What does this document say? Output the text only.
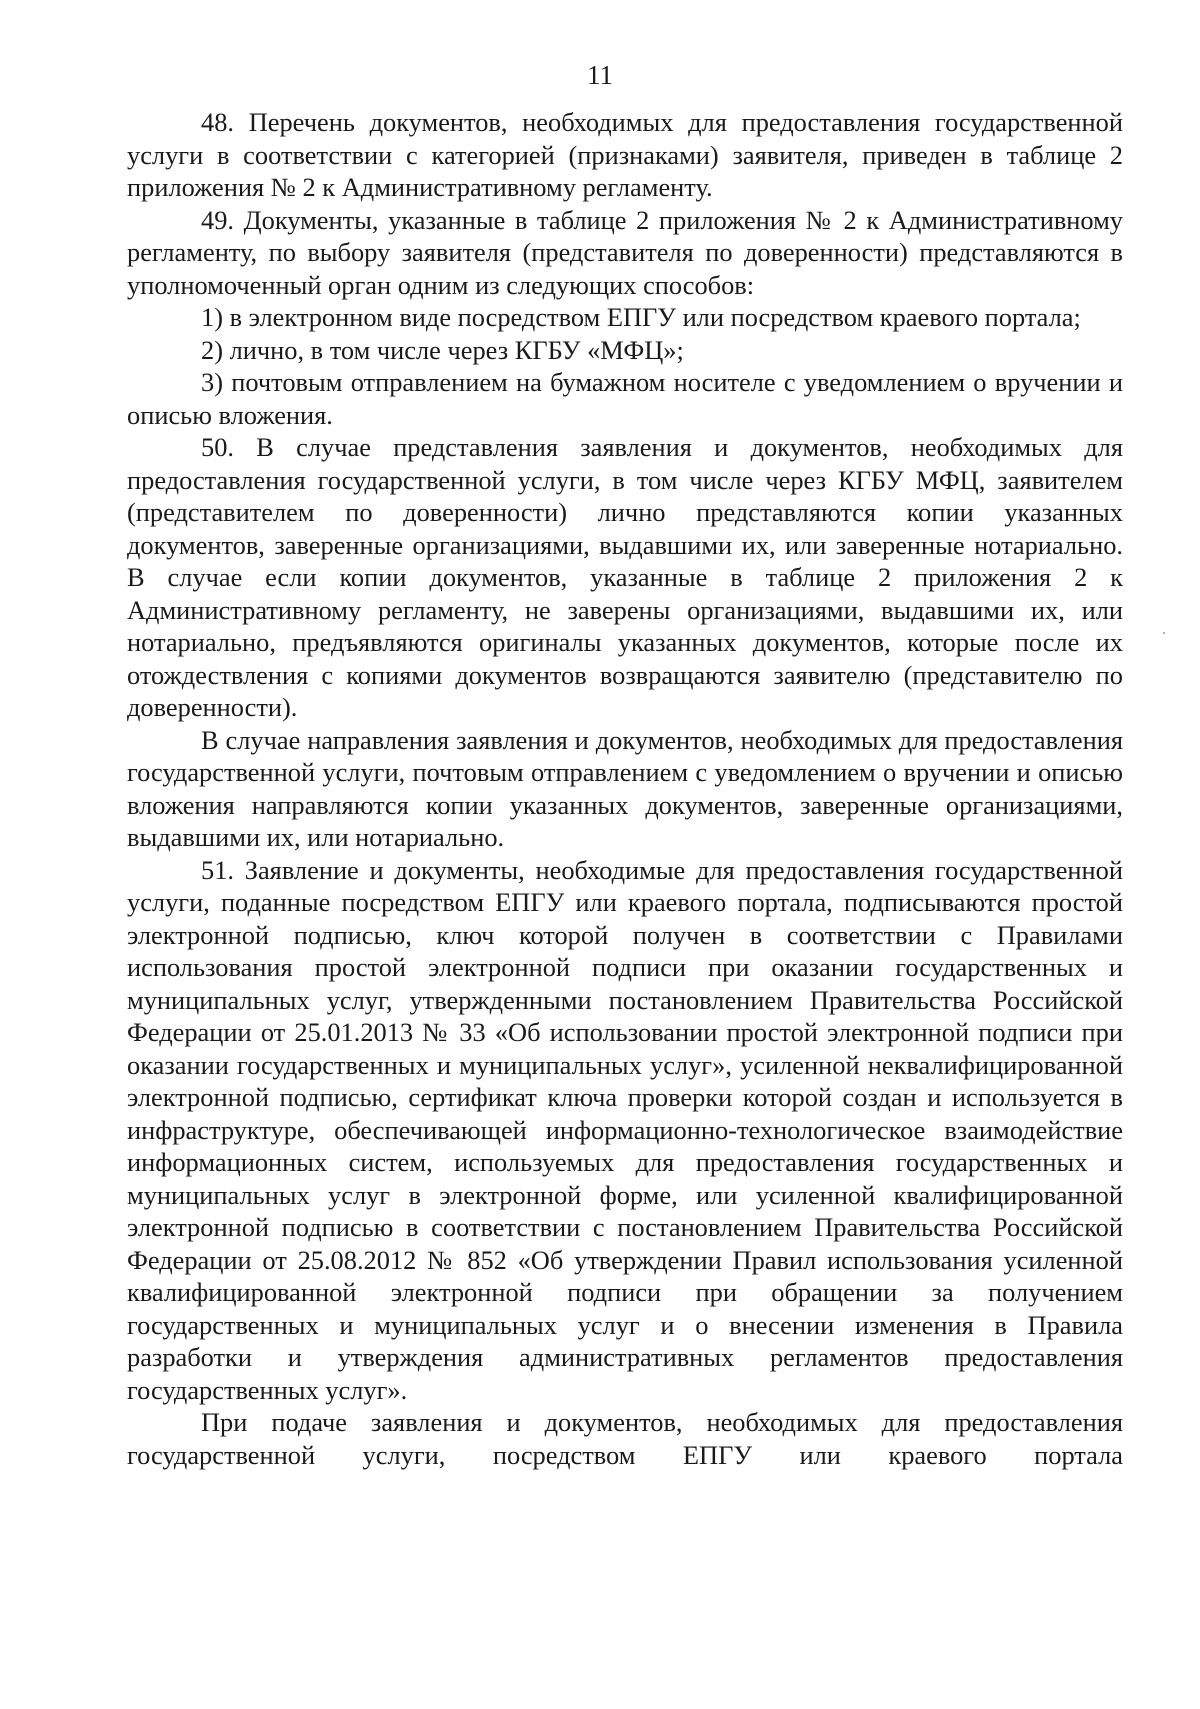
11

48. Перечень документов, необходимых для предоставления государственной услуги в соответствии с категорией (признаками) заявителя, приведен в таблице 2 приложения № 2 к Административному регламенту.

49. Документы, указанные в таблице 2 приложения № 2 к Административному регламенту, по выбору заявителя (представителя по доверенности) представляются в уполномоченный орган одним из следующих способов:

1) в электронном виде посредством ЕПГУ или посредством краевого портала;

2) лично, в том числе через КГБУ «МФЦ»;

3) почтовым отправлением на бумажном носителе с уведомлением о вручении и описью вложения.

50. В случае представления заявления и документов, необходимых для предоставления государственной услуги, в том числе через КГБУ МФЦ, заявителем (представителем по доверенности) лично представляются копии указанных документов, заверенные организациями, выдавшими их, или заверенные нотариально. В случае если копии документов, указанные в таблице 2 приложения 2 к Административному регламенту, не заверены организациями, выдавшими их, или нотариально, предъявляются оригиналы указанных документов, которые после их отождествления с копиями документов возвращаются заявителю (представителю по доверенности).

В случае направления заявления и документов, необходимых для предоставления государственной услуги, почтовым отправлением с уведомлением о вручении и описью вложения направляются копии указанных документов, заверенные организациями, выдавшими их, или нотариально.

51. Заявление и документы, необходимые для предоставления государственной услуги, поданные посредством ЕПГУ или краевого портала, подписываются простой электронной подписью, ключ которой получен в соответствии с Правилами использования простой электронной подписи при оказании государственных и муниципальных услуг, утвержденными постановлением Правительства Российской Федерации от 25.01.2013 № 33 «Об использовании простой электронной подписи при оказании государственных и муниципальных услуг», усиленной неквалифицированной электронной подписью, сертификат ключа проверки которой создан и используется в инфраструктуре, обеспечивающей информационно-технологическое взаимодействие информационных систем, используемых для предоставления государственных и муниципальных услуг в электронной форме, или усиленной квалифицированной электронной подписью в соответствии с постановлением Правительства Российской Федерации от 25.08.2012 № 852 «Об утверждении Правил использования усиленной квалифицированной электронной подписи при обращении за получением государственных и муниципальных услуг и о внесении изменения в Правила разработки и утверждения административных регламентов предоставления государственных услуг».

При подаче заявления и документов, необходимых для предоставления государственной услуги, посредством ЕПГУ или краевого портала
